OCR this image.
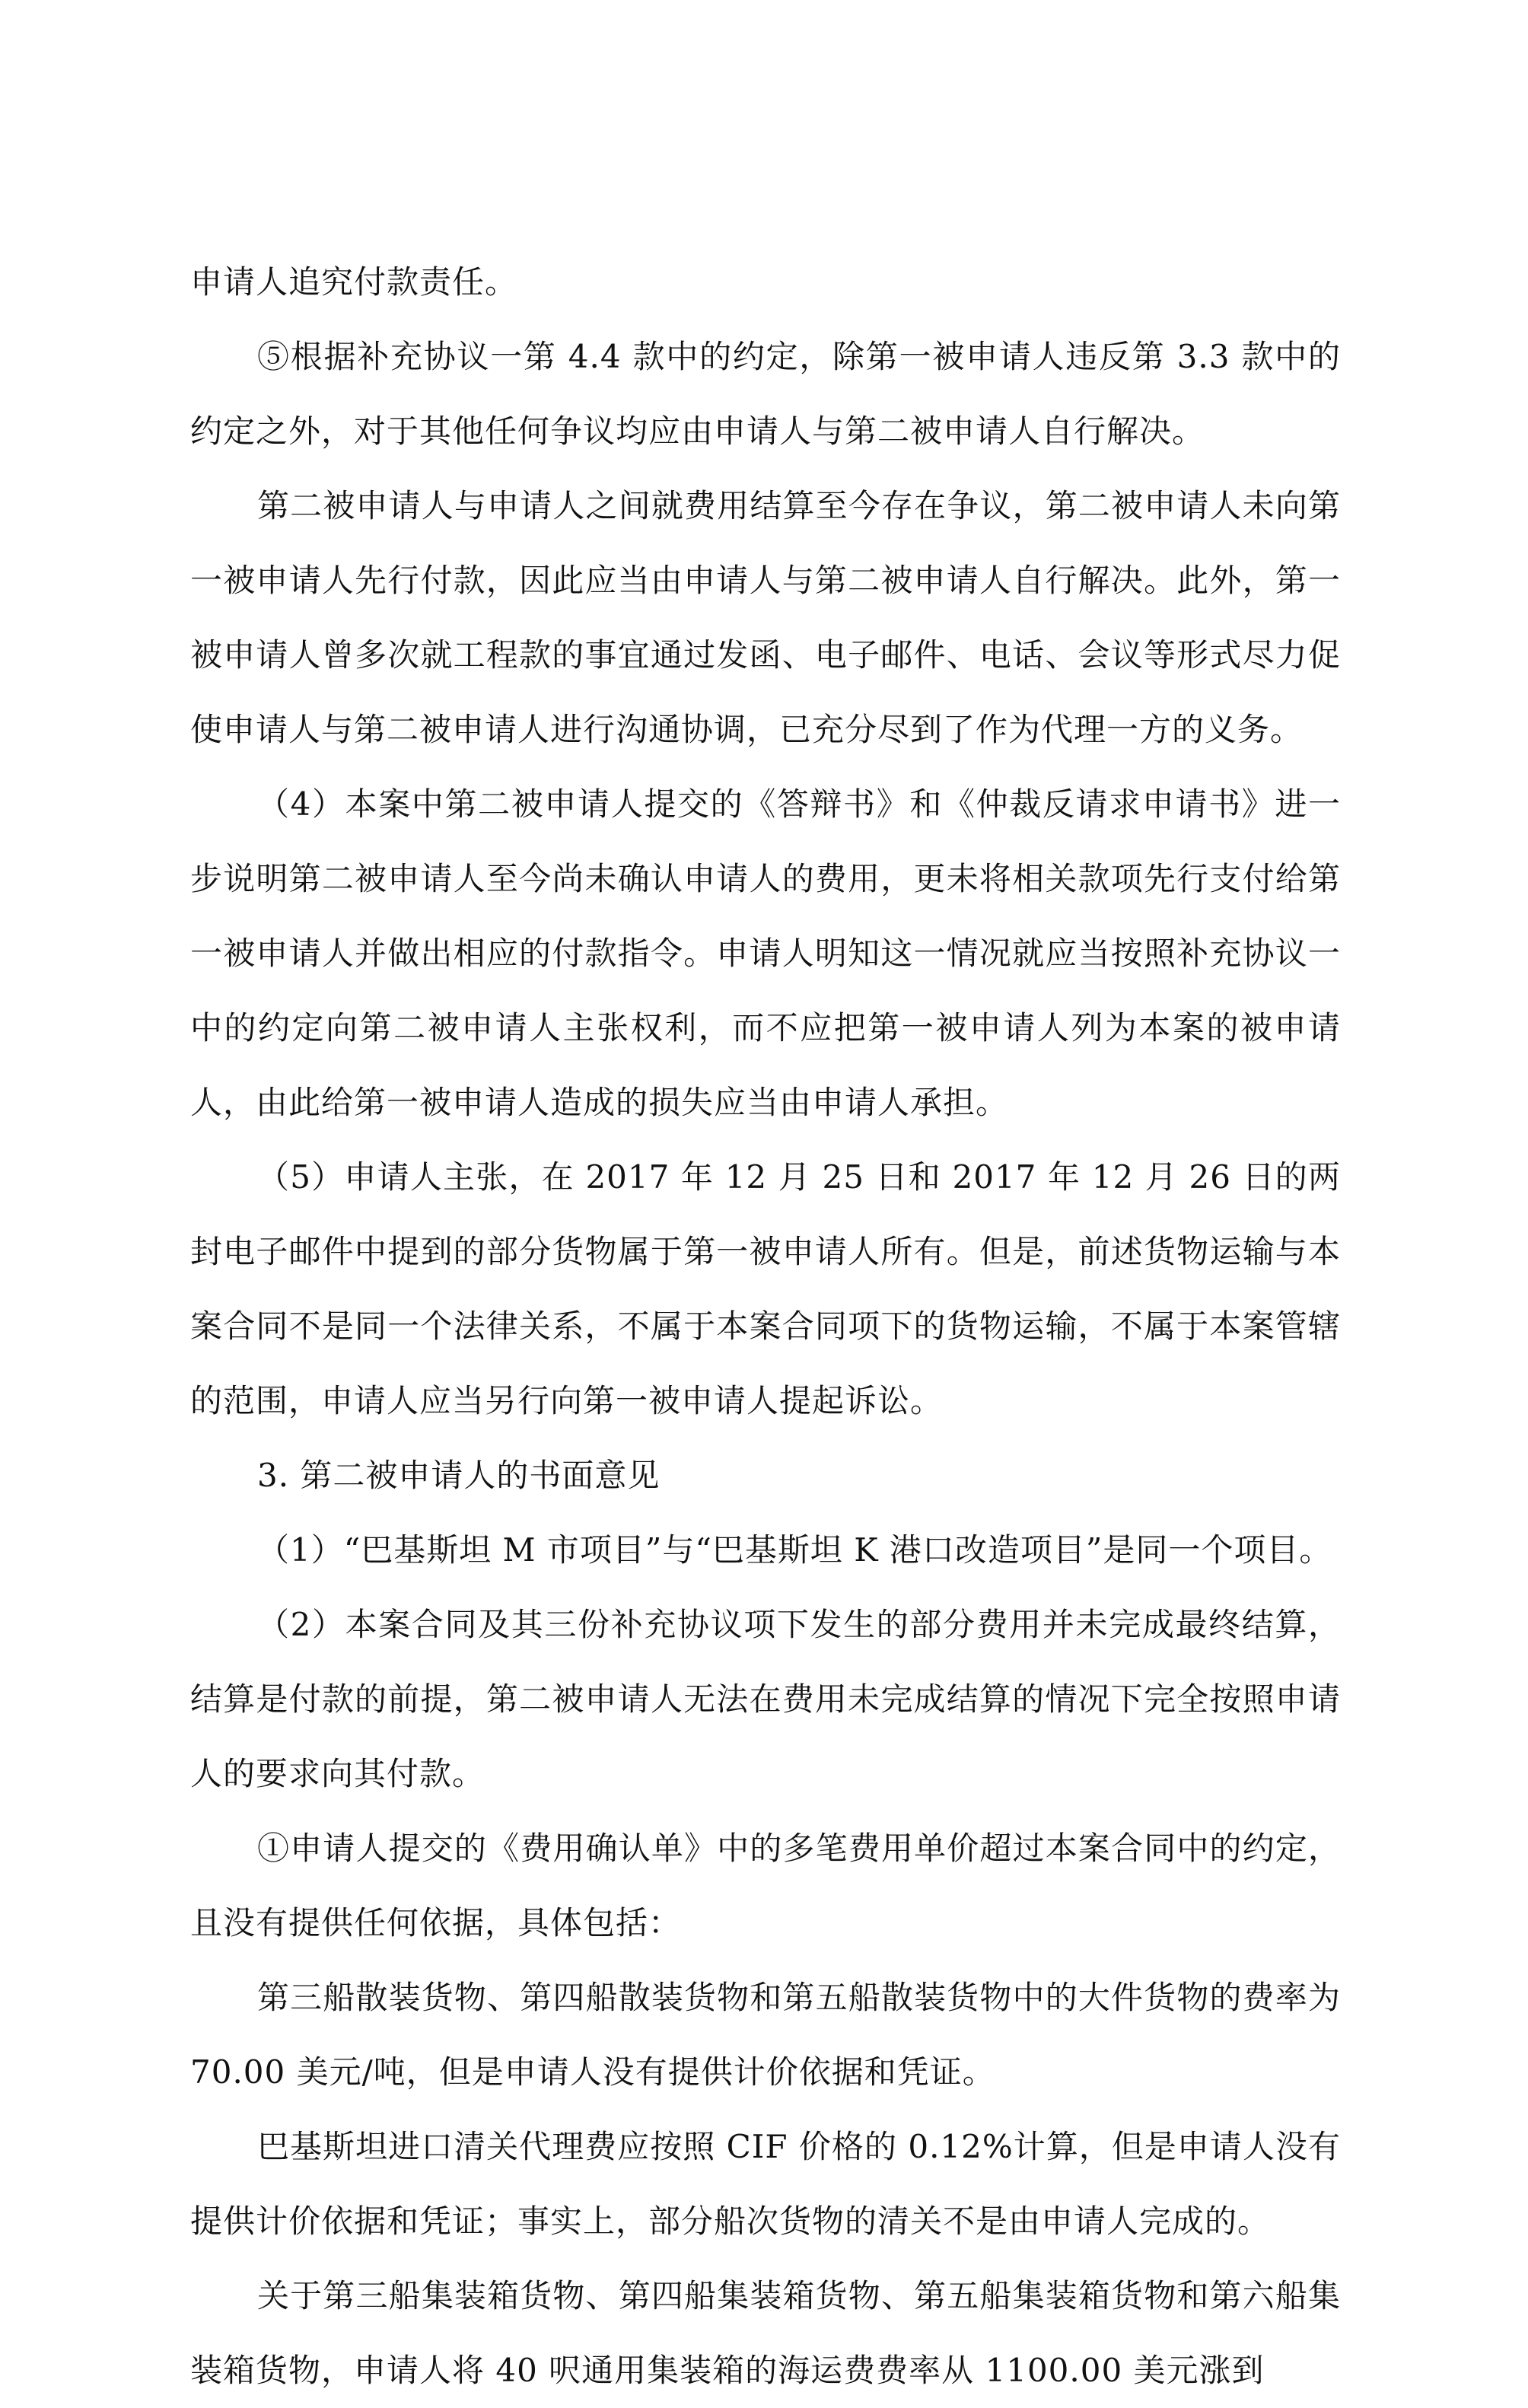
申请人追究付款责任。

⑤根据补充协议一第 4.4 款中的约定，除第一被申请人违反第 3.3 款中的约定之外，对于其他任何争议均应由申请人与第二被申请人自行解决。

第二被申请人与申请人之间就费用结算至今存在争议，第二被申请人未向第一被申请人先行付款，因此应当由申请人与第二被申请人自行解决。此外，第一被申请人曾多次就工程款的事宜通过发函、电子邮件、电话、会议等形式尽力促使申请人与第二被申请人进行沟通协调，已充分尽到了作为代理一方的义务。

（4）本案中第二被申请人提交的《答辩书》和《仲裁反请求申请书》进一步说明第二被申请人至今尚未确认申请人的费用，更未将相关款项先行支付给第一被申请人并做出相应的付款指令。申请人明知这一情况就应当按照补充协议一中的约定向第二被申请人主张权利，而不应把第一被申请人列为本案的被申请人，由此给第一被申请人造成的损失应当由申请人承担。

（5）申请人主张，在 2017 年 12 月 25 日和 2017 年 12 月 26 日的两封电子邮件中提到的部分货物属于第一被申请人所有。但是，前述货物运输与本案合同不是同一个法律关系，不属于本案合同项下的货物运输，不属于本案管辖的范围，申请人应当另行向第一被申请人提起诉讼。

3. 第二被申请人的书面意见

（1）“巴基斯坦 M 市项目”与“巴基斯坦 K 港口改造项目”是同一个项目。

（2）本案合同及其三份补充协议项下发生的部分费用并未完成最终结算，结算是付款的前提，第二被申请人无法在费用未完成结算的情况下完全按照申请人的要求向其付款。

①申请人提交的《费用确认单》中的多笔费用单价超过本案合同中的约定，且没有提供任何依据，具体包括：

第三船散装货物、第四船散装货物和第五船散装货物中的大件货物的费率为 70.00 美元/吨，但是申请人没有提供计价依据和凭证。

巴基斯坦进口清关代理费应按照 CIF 价格的 0.12%计算，但是申请人没有提供计价依据和凭证；事实上，部分船次货物的清关不是由申请人完成的。

关于第三船集装箱货物、第四船集装箱货物、第五船集装箱货物和第六船集装箱货物，申请人将 40 呎通用集装箱的海运费费率从 1100.00 美元涨到
